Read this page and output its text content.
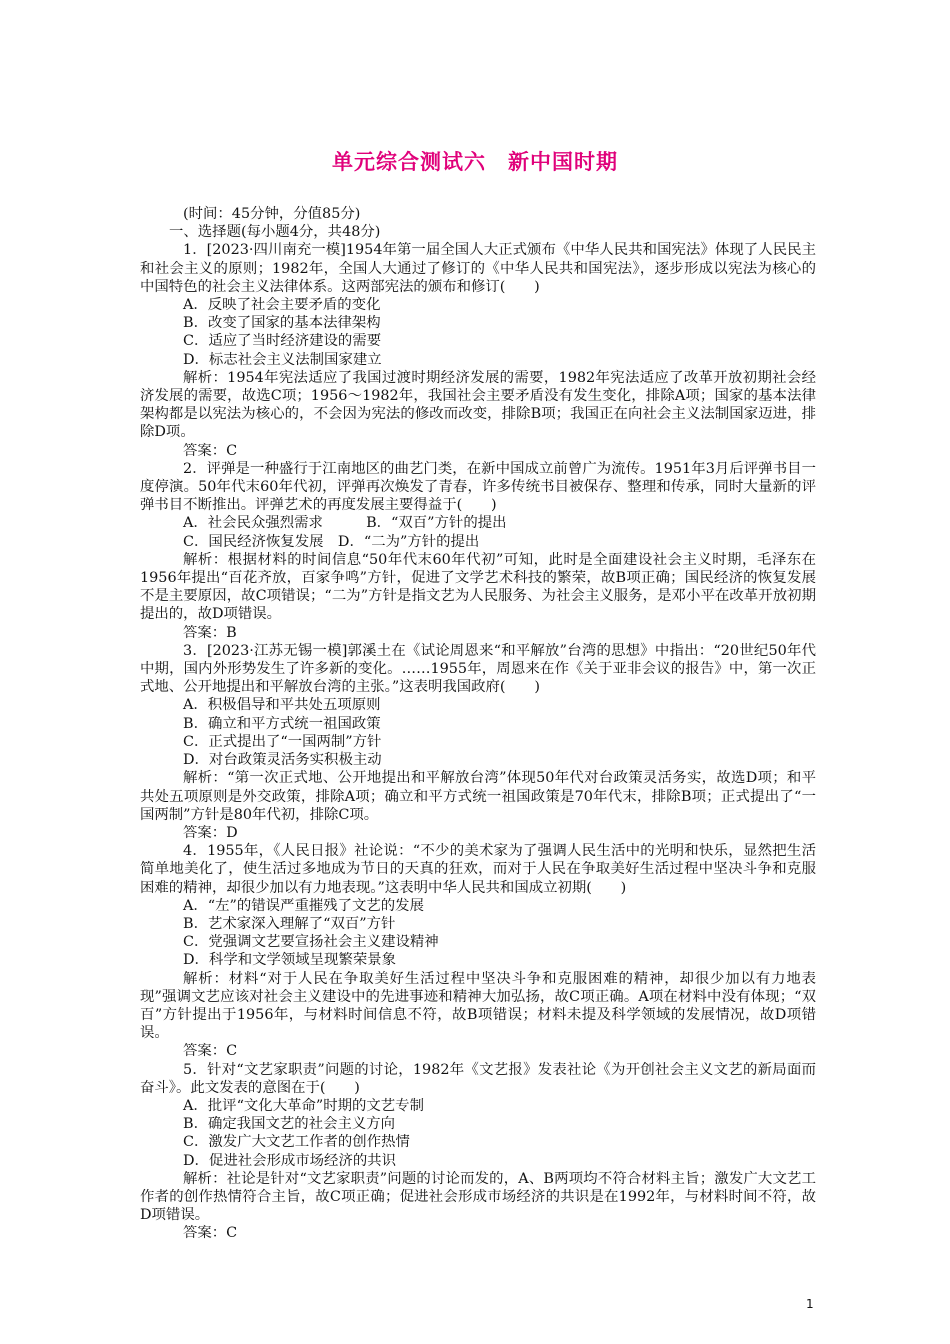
单元综合测试六　新中国时期

(时间：45分钟，分值85分)

一、选择题(每小题4分，共48分)

1．[2023·四川南充一模]1954年第一届全国人大正式颁布《中华人民共和国宪法》体现了人民民主和社会主义的原则；1982年，全国人大通过了修订的《中华人民共和国宪法》，逐步形成以宪法为核心的中国特色的社会主义法律体系。这两部宪法的颁布和修订(　　)

A．反映了社会主要矛盾的变化

B．改变了国家的基本法律架构

C．适应了当时经济建设的需要

D．标志社会主义法制国家建立

解析：1954年宪法适应了我国过渡时期经济发展的需要，1982年宪法适应了改革开放初期社会经济发展的需要，故选C项；1956～1982年，我国社会主要矛盾没有发生变化，排除A项；国家的基本法律架构都是以宪法为核心的，不会因为宪法的修改而改变，排除B项；我国正在向社会主义法制国家迈进，排除D项。

答案：C

2．评弹是一种盛行于江南地区的曲艺门类，在新中国成立前曾广为流传。1951年3月后评弹书目一度停演。50年代末60年代初，评弹再次焕发了青春，许多传统书目被保存、整理和传承，同时大量新的评弹书目不断推出。评弹艺术的再度发展主要得益于(　　)

A．社会民众强烈需求　　　B．“双百”方针的提出

C．国民经济恢复发展　D．“二为”方针的提出

解析：根据材料的时间信息“50年代末60年代初”可知，此时是全面建设社会主义时期，毛泽东在1956年提出“百花齐放，百家争鸣”方针，促进了文学艺术科技的繁荣，故B项正确；国民经济的恢复发展不是主要原因，故C项错误；“二为”方针是指文艺为人民服务、为社会主义服务，是邓小平在改革开放初期提出的，故D项错误。

答案：B

3．[2023·江苏无锡一模]郭溪土在《试论周恩来“和平解放”台湾的思想》中指出：“20世纪50年代中期，国内外形势发生了许多新的变化。……1955年，周恩来在作《关于亚非会议的报告》中，第一次正式地、公开地提出和平解放台湾的主张。”这表明我国政府(　　)

A．积极倡导和平共处五项原则

B．确立和平方式统一祖国政策

C．正式提出了“一国两制”方针

D．对台政策灵活务实积极主动

解析：“第一次正式地、公开地提出和平解放台湾”体现50年代对台政策灵活务实，故选D项；和平共处五项原则是外交政策，排除A项；确立和平方式统一祖国政策是70年代末，排除B项；正式提出了“一国两制”方针是80年代初，排除C项。

答案：D

4．1955年，《人民日报》社论说：“不少的美术家为了强调人民生活中的光明和快乐，显然把生活简单地美化了，使生活过多地成为节日的天真的狂欢，而对于人民在争取美好生活过程中坚决斗争和克服困难的精神，却很少加以有力地表现。”这表明中华人民共和国成立初期(　　)

A．“左”的错误严重摧残了文艺的发展

B．艺术家深入理解了“双百”方针

C．党强调文艺要宣扬社会主义建设精神

D．科学和文学领域呈现繁荣景象

解析：材料“对于人民在争取美好生活过程中坚决斗争和克服困难的精神，却很少加以有力地表现”强调文艺应该对社会主义建设中的先进事迹和精神大加弘扬，故C项正确。A项在材料中没有体现；“双百”方针提出于1956年，与材料时间信息不符，故B项错误；材料未提及科学领域的发展情况，故D项错误。

答案：C

5．针对“文艺家职责”问题的讨论，1982年《文艺报》发表社论《为开创社会主义文艺的新局面而奋斗》。此文发表的意图在于(　　)

A．批评“文化大革命”时期的文艺专制

B．确定我国文艺的社会主义方向

C．激发广大文艺工作者的创作热情

D．促进社会形成市场经济的共识

解析：社论是针对“文艺家职责”问题的讨论而发的，A、B两项均不符合材料主旨；激发广大文艺工作者的创作热情符合主旨，故C项正确；促进社会形成市场经济的共识是在1992年，与材料时间不符，故D项错误。

答案：C

1
